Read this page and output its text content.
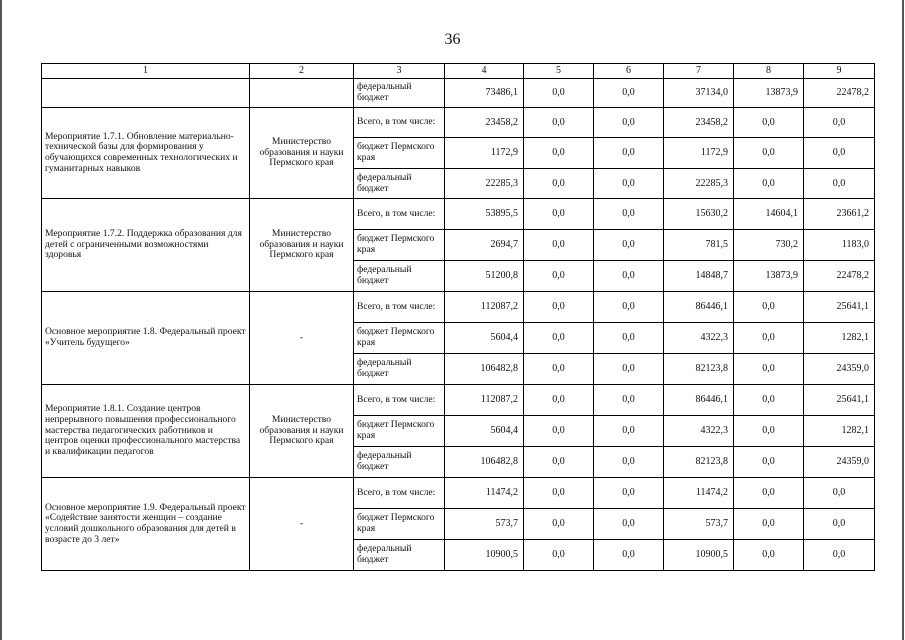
36
1	2	3	4	5	6	7	8	9
		федеральный бюджет	73486,1	0,0	0,0	37134,0	13873,9	22478,2
Мероприятие 1.7.1. Обновление материально-технической базы для формирования у обучающихся современных технологических и гуманитарных навыков	Министерство образования и науки Пермского края	Всего, в том числе:	23458,2	0,0	0,0	23458,2	0,0	0,0
		бюджет Пермского края	1172,9	0,0	0,0	1172,9	0,0	0,0
		федеральный бюджет	22285,3	0,0	0,0	22285,3	0,0	0,0
Мероприятие 1.7.2. Поддержка образования для детей с ограниченными возможностями здоровья	Министерство образования и науки Пермского края	Всего, в том числе:	53895,5	0,0	0,0	15630,2	14604,1	23661,2
		бюджет Пермского края	2694,7	0,0	0,0	781,5	730,2	1183,0
		федеральный бюджет	51200,8	0,0	0,0	14848,7	13873,9	22478,2
Основное мероприятие 1.8. Федеральный проект «Учитель будущего»	-	Всего, в том числе:	112087,2	0,0	0,0	86446,1	0,0	25641,1
		бюджет Пермского края	5604,4	0,0	0,0	4322,3	0,0	1282,1
		федеральный бюджет	106482,8	0,0	0,0	82123,8	0,0	24359,0
Мероприятие 1.8.1. Создание центров непрерывного повышения профессионального мастерства педагогических работников и центров оценки профессионального мастерства и квалификации педагогов	Министерство образования и науки Пермского края	Всего, в том числе:	112087,2	0,0	0,0	86446,1	0,0	25641,1
		бюджет Пермского края	5604,4	0,0	0,0	4322,3	0,0	1282,1
		федеральный бюджет	106482,8	0,0	0,0	82123,8	0,0	24359,0
Основное мероприятие 1.9. Федеральный проект «Содействие занятости женщин – создание условий дошкольного образования для детей в возрасте до 3 лет»	-	Всего, в том числе:	11474,2	0,0	0,0	11474,2	0,0	0,0
		бюджет Пермского края	573,7	0,0	0,0	573,7	0,0	0,0
		федеральный бюджет	10900,5	0,0	0,0	10900,5	0,0	0,0
